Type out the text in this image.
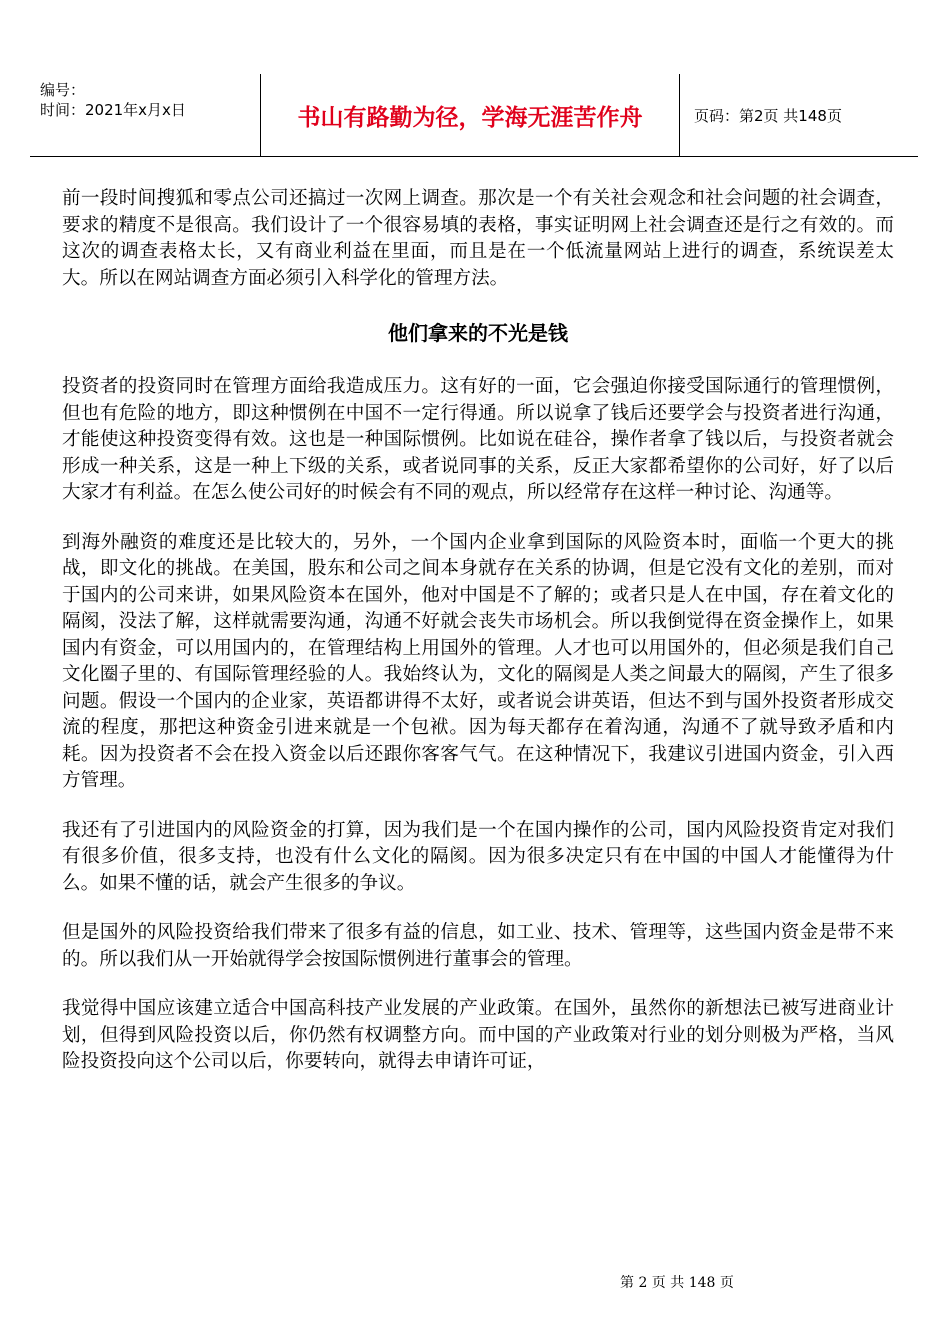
编号：
时间：2021年x月x日	书山有路勤为径，学海无涯苦作舟	页码：第2页 共148页

前一段时间搜狐和零点公司还搞过一次网上调查。那次是一个有关社会观念和社会问题的社会调查，要求的精度不是很高。我们设计了一个很容易填的表格，事实证明网上社会调查还是行之有效的。而这次的调查表格太长，又有商业利益在里面，而且是在一个低流量网站上进行的调查，系统误差太大。所以在网站调查方面必须引入科学化的管理方法。

他们拿来的不光是钱

投资者的投资同时在管理方面给我造成压力。这有好的一面，它会强迫你接受国际通行的管理惯例，但也有危险的地方，即这种惯例在中国不一定行得通。所以说拿了钱后还要学会与投资者进行沟通，才能使这种投资变得有效。这也是一种国际惯例。比如说在硅谷，操作者拿了钱以后，与投资者就会形成一种关系，这是一种上下级的关系，或者说同事的关系，反正大家都希望你的公司好，好了以后大家才有利益。在怎么使公司好的时候会有不同的观点，所以经常存在这样一种讨论、沟通等。

到海外融资的难度还是比较大的，另外，一个国内企业拿到国际的风险资本时，面临一个更大的挑战，即文化的挑战。在美国，股东和公司之间本身就存在关系的协调，但是它没有文化的差别，而对于国内的公司来讲，如果风险资本在国外，他对中国是不了解的；或者只是人在中国，存在着文化的隔阂，没法了解，这样就需要沟通，沟通不好就会丧失市场机会。所以我倒觉得在资金操作上，如果国内有资金，可以用国内的，在管理结构上用国外的管理。人才也可以用国外的，但必须是我们自己文化圈子里的、有国际管理经验的人。我始终认为，文化的隔阂是人类之间最大的隔阂，产生了很多问题。假设一个国内的企业家，英语都讲得不太好，或者说会讲英语，但达不到与国外投资者形成交流的程度，那把这种资金引进来就是一个包袱。因为每天都存在着沟通，沟通不了就导致矛盾和内耗。因为投资者不会在投入资金以后还跟你客客气气。在这种情况下，我建议引进国内资金，引入西方管理。

我还有了引进国内的风险资金的打算，因为我们是一个在国内操作的公司，国内风险投资肯定对我们有很多价值，很多支持，也没有什么文化的隔阂。因为很多决定只有在中国的中国人才能懂得为什么。如果不懂的话，就会产生很多的争议。

但是国外的风险投资给我们带来了很多有益的信息，如工业、技术、管理等，这些国内资金是带不来的。所以我们从一开始就得学会按国际惯例进行董事会的管理。

我觉得中国应该建立适合中国高科技产业发展的产业政策。在国外，虽然你的新想法已被写进商业计划，但得到风险投资以后，你仍然有权调整方向。而中国的产业政策对行业的划分则极为严格，当风险投资投向这个公司以后，你要转向，就得去申请许可证，

第 2 页 共 148 页
